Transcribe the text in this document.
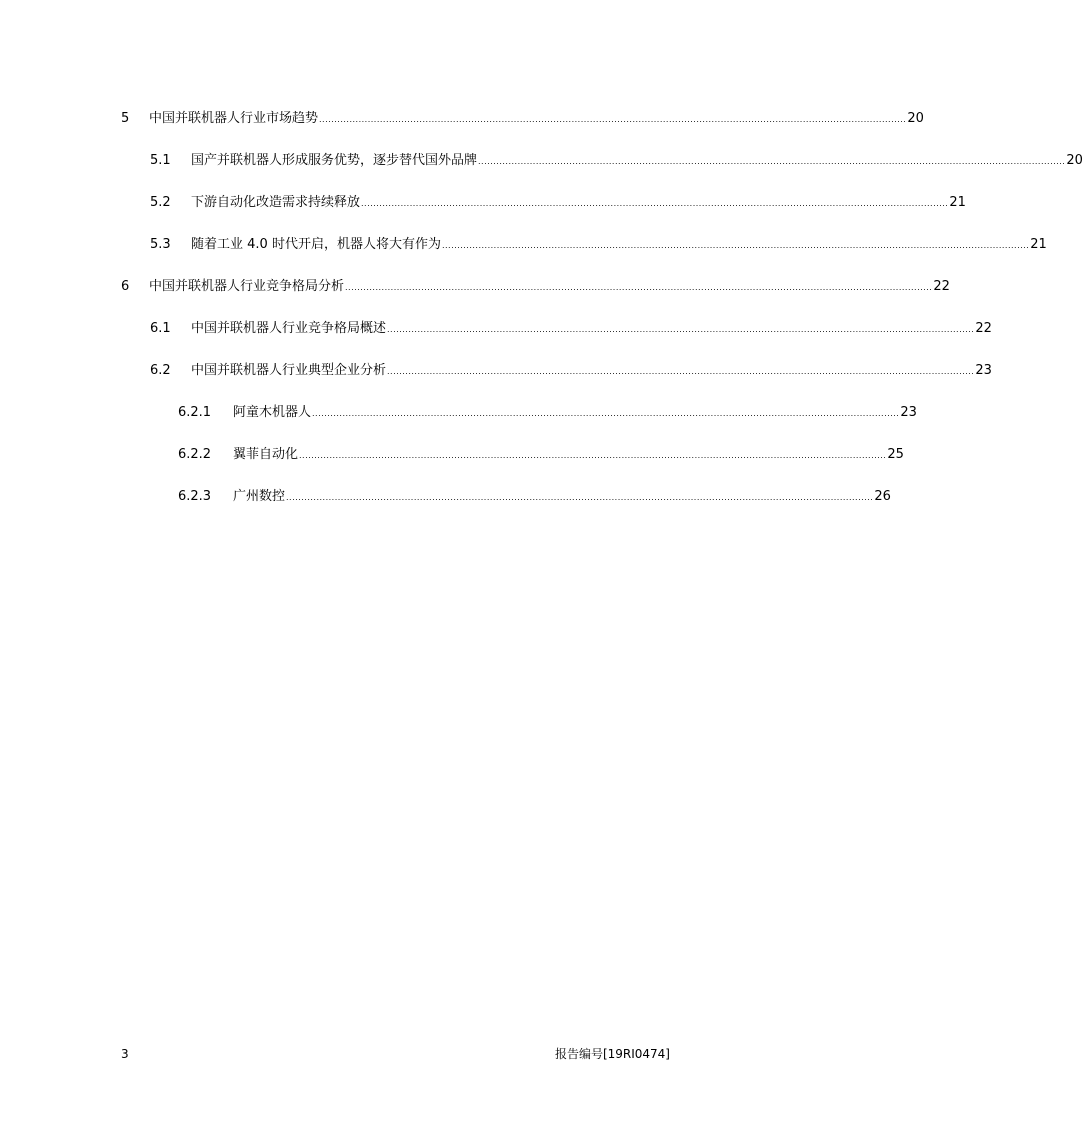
5	中国并联机器人行业市场趋势 ................................................................................................................................................................................................. 20
5.1	国产并联机器人形成服务优势，逐步替代国外品牌 ................................................................................................................................................................................................. 20
5.2	下游自动化改造需求持续释放 ................................................................................................................................................................................................. 21
5.3	随着工业 4.0 时代开启，机器人将大有作为 ................................................................................................................................................................................................. 21
6	中国并联机器人行业竞争格局分析 ................................................................................................................................................................................................. 22
6.1	中国并联机器人行业竞争格局概述 ................................................................................................................................................................................................. 22
6.2	中国并联机器人行业典型企业分析 ................................................................................................................................................................................................. 23
6.2.1	阿童木机器人 ................................................................................................................................................................................................. 23
6.2.2	翼菲自动化 ................................................................................................................................................................................................. 25
6.2.3	广州数控 ................................................................................................................................................................................................. 26
3	报告编号[19RI0474]
